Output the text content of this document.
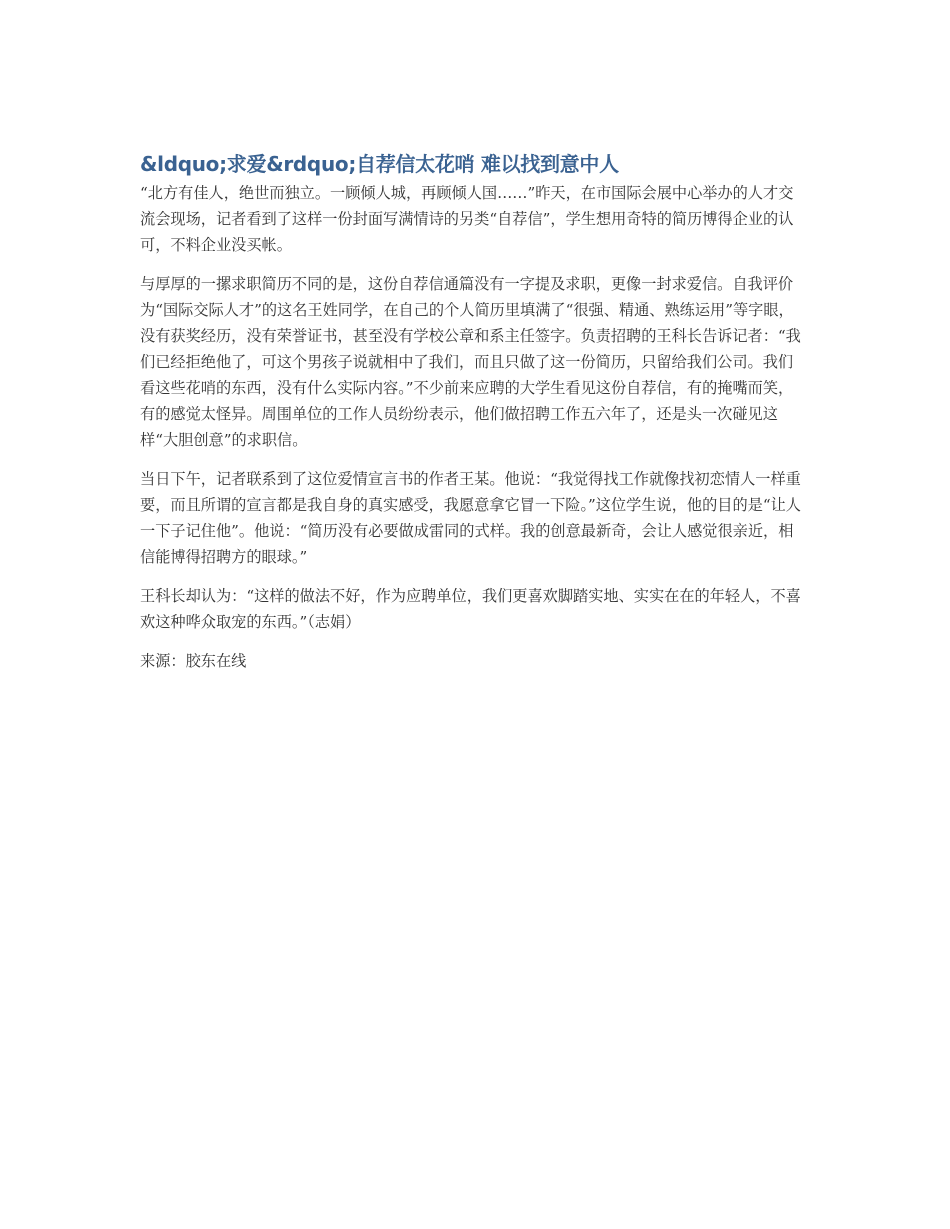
&ldquo;求爱&rdquo;自荐信太花哨 难以找到意中人

“北方有佳人，绝世而独立。一顾倾人城，再顾倾人国……”昨天，在市国际会展中心举办的人才交流会现场，记者看到了这样一份封面写满情诗的另类“自荐信”，学生想用奇特的简历博得企业的认可，不料企业没买帐。

与厚厚的一摞求职简历不同的是，这份自荐信通篇没有一字提及求职，更像一封求爱信。自我评价为“国际交际人才”的这名王姓同学，在自己的个人简历里填满了“很强、精通、熟练运用”等字眼，没有获奖经历，没有荣誉证书，甚至没有学校公章和系主任签字。负责招聘的王科长告诉记者：“我们已经拒绝他了，可这个男孩子说就相中了我们，而且只做了这一份简历，只留给我们公司。我们看这些花哨的东西，没有什么实际内容。”不少前来应聘的大学生看见这份自荐信，有的掩嘴而笑，有的感觉太怪异。周围单位的工作人员纷纷表示，他们做招聘工作五六年了，还是头一次碰见这样“大胆创意”的求职信。

当日下午，记者联系到了这位爱情宣言书的作者王某。他说：“我觉得找工作就像找初恋情人一样重要，而且所谓的宣言都是我自身的真实感受，我愿意拿它冒一下险。”这位学生说，他的目的是“让人一下子记住他”。他说：“简历没有必要做成雷同的式样。我的创意最新奇，会让人感觉很亲近，相信能博得招聘方的眼球。”

王科长却认为：“这样的做法不好，作为应聘单位，我们更喜欢脚踏实地、实实在在的年轻人，不喜欢这种哗众取宠的东西。”（志娟）

来源：胶东在线
